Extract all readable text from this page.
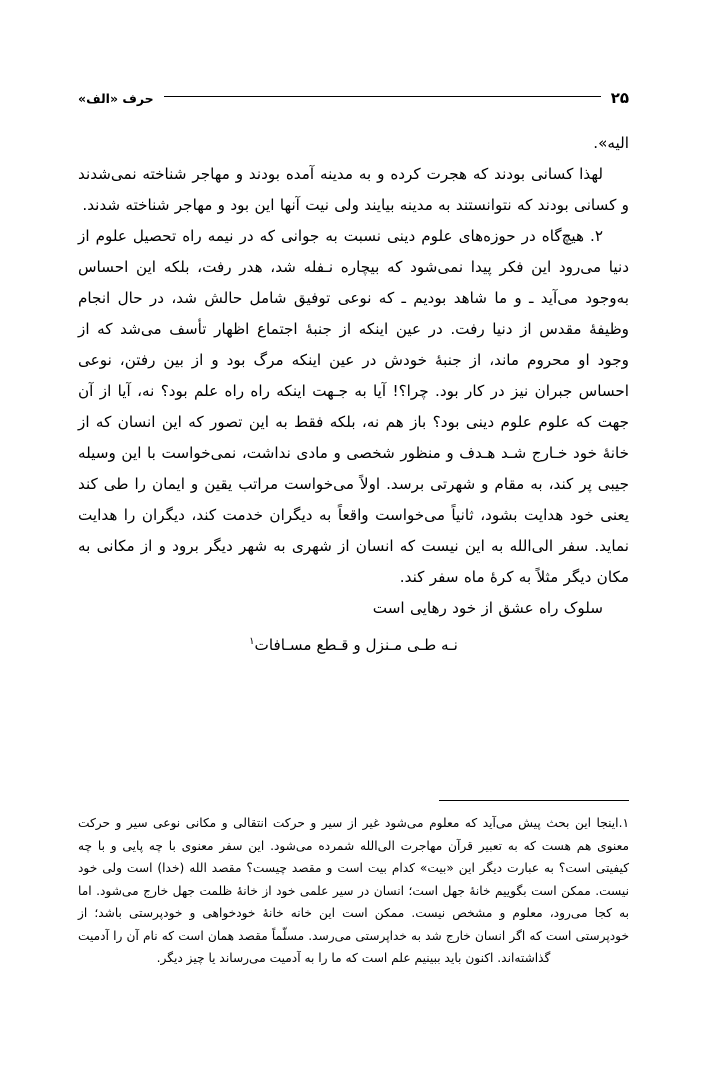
حرف «الف»	۲۵

الیه».

لهذا کسانی بودند که هجرت کرده و به مدینه آمده بودند و مهاجر شناخته نمی‌شدند و کسانی بودند که نتوانستند به مدینه بیایند ولی نیت آنها این بود و مهاجر شناخته شدند.

۲. هیچ‌گاه در حوزه‌های علوم دینی نسبت به جوانی که در نیمه راه تحصیل علوم از دنیا می‌رود این فکر پیدا نمی‌شود که بیچاره نـفله شد، هدر رفت، بلکه این احساس به‌وجود می‌آید ـ و ما شاهد بودیم ـ که نوعی توفیق شامل حالش شد، در حال انجام وظیفهٔ مقدس از دنیا رفت. در عین اینکه از جنبهٔ اجتماع اظهار تأسف می‌شد که از وجود او محروم ماند، از جنبهٔ خودش در عین اینکه مرگ بود و از بین رفتن، نوعی احساس جبران نیز در کار بود. چرا؟! آیا به جـهت اینکه راه راه علم بود؟ نه، آیا از آن جهت که علوم علوم دینی بود؟ باز هم نه، بلکه فقط به این تصور که این انسان که از خانهٔ خود خـارج شـد هـدف و منظور شخصی و مادی نداشت، نمی‌خواست با این وسیله جیبی پر کند، به مقام و شهرتی برسد. اولاً می‌خواست مراتب یقین و ایمان را طی کند یعنی خود هدایت بشود، ثانیاً می‌خواست واقعاً به دیگران خدمت کند، دیگران را هدایت نماید. سفر الی‌الله به این نیست که انسان از شهری به شهر دیگر برود و از مکانی به مکان دیگر مثلاً به کرهٔ ماه سفر کند.

سلوک راه عشق از خود رهایی است

نـه طـی مـنزل و قـطع مسـافات$^۱$

۱.اینجا این بحث پیش می‌آید که معلوم می‌شود غیر از سیر و حرکت انتقالی و مکانی نوعی سیر و حرکت معنوی هم هست که به تعبیر قرآن مهاجرت الی‌الله شمرده می‌شود. این سفر معنوی با چه پایی و با چه کیفیتی است؟ به عبارت دیگر این «بیت» کدام بیت است و مقصد چیست؟ مقصد الله (خدا) است ولی خود نیست. ممکن است بگوییم خانهٔ جهل است؛ انسان در سیر علمی خود از خانهٔ ظلمت جهل خارج می‌شود. اما به کجا می‌رود، معلوم و مشخص نیست. ممکن است این خانه خانهٔ خودخواهی و خودپرستی باشد؛ از خودپرستی است که اگر انسان خارج شد به خداپرستی می‌رسد. مسلّماً مقصد همان است که نام آن را آدمیت گذاشته‌اند. اکنون باید ببینیم علم است که ما را به آدمیت می‌رساند یا چیز دیگر.
